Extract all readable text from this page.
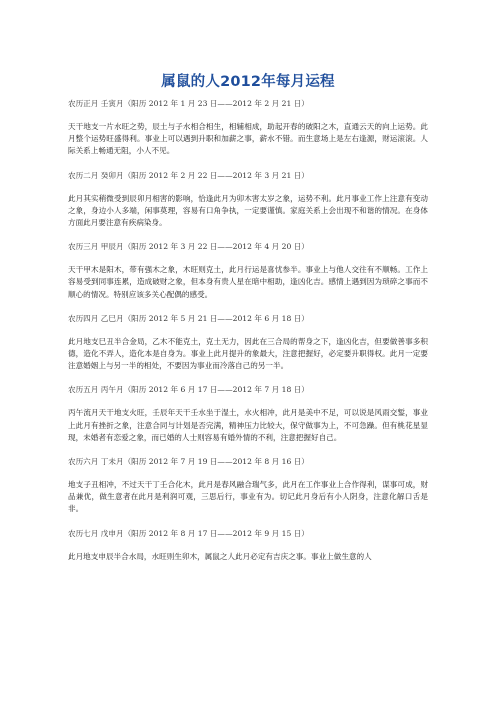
属鼠的人2012年每月运程
农历正月 壬寅月（阳历 2012 年 1 月 23 日——2012 年 2 月 21 日）
天干地支一片水旺之势，辰土与子水相合相生，相辅相成，助起开春的破阳之木，直通云天的向上运势。此月整个运势旺盛得利。事业上可以遇到升职和加薪之事，薪水不错。而生意场上是左右逢源，财运滚滚。人际关系上畅通无阻，小人不见。
农历二月 癸卯月（阳历 2012 年 2 月 22 日——2012 年 3 月 21 日）
此月其实稍微受到辰卯月相害的影响，恰逢此月为卯木害太岁之象，运势不利。此月事业工作上注意有变动之象，身边小人多端，闲事莫理，容易有口角争执，一定要谨慎。家庭关系上会出现不和谐的情况。在身体方面此月要注意有疾病染身。
农历三月 甲辰月（阳历 2012 年 3 月 22 日——2012 年 4 月 20 日）
天干甲木是阳木，带有强木之象，木旺则克土，此月行运是喜忧参半。事业上与他人交往有不顺畅。工作上容易受到同事连累，造成破财之象，但本身有贵人星在暗中相助，逢凶化吉。感情上遇到因为琐碎之事而不顺心的情况。特别应该多关心配偶的感受。
农历四月 乙巳月（阳历 2012 年 5 月 21 日——2012 年 6 月 18 日）
此月地支巳丑半合金局，乙木不能克土，克土无力，因此在三合局的帮身之下，逢凶化吉，但要做善事多积德，造化不弄人，造化本是自身为。事业上此月提升的象最大，注意把握好，必定要升职得权。此月一定要注意婚姻上与另一半的相处，不要因为事业而冷落自己的另一半。
农历五月 丙午月（阳历 2012 年 6 月 17 日——2012 年 7 月 18 日）
丙午流月天干地支火旺，壬辰年天干壬水坐于湿土，水火相冲，此月是美中不足，可以说是风雨交錾，事业上此月有挫折之象，注意合同与计划是否完满，精神压力比较大，保守做事为上，不可急躁。但有桃花星显现，未婚者有恋爱之象，而已婚的人士则容易有婚外情的不利，注意把握好自己。
农历六月 丁未月（阳历 2012 年 7 月 19 日——2012 年 8 月 16 日）
地支子丑相冲，不过天干丁壬合化木，此月是春风融合瑞气多，此月在工作事业上合作得利，谋事可成，财品兼优，做生意者在此月是利润可观，三思后行，事业有为。切记此月身后有小人阴身，注意化解口舌是非。
农历七月 戊申月（阳历 2012 年 8 月 17 日——2012 年 9 月 15 日）
此月地支申辰半合水局，水旺则生卯木，属鼠之人此月必定有吉庆之事。事业上做生意的人
